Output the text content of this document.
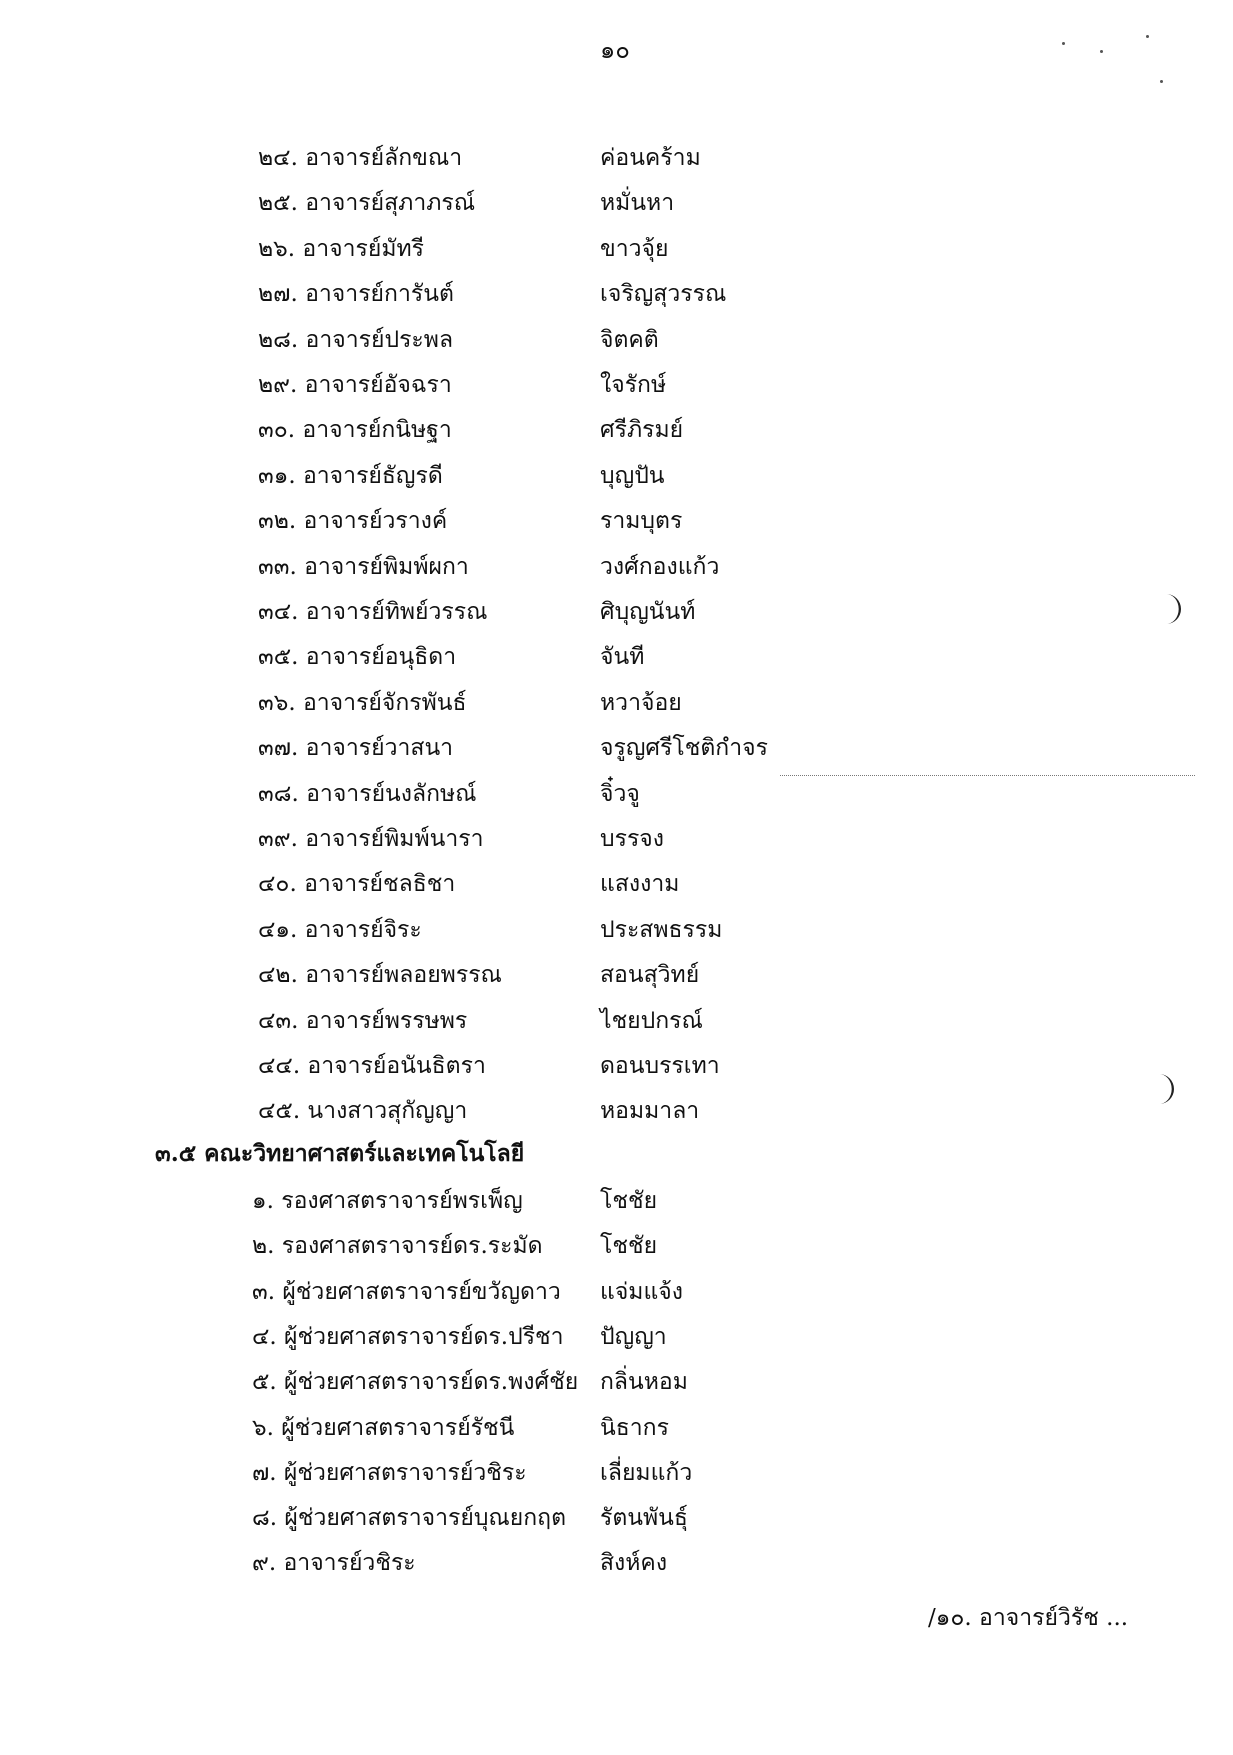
๑๐
๒๔. อาจารย์ลักขณา	ค่อนคร้าม
๒๕. อาจารย์สุภาภรณ์	หมั่นหา
๒๖. อาจารย์มัทรี	ขาวจุ้ย
๒๗. อาจารย์การันต์	เจริญสุวรรณ
๒๘. อาจารย์ประพล	จิตคติ
๒๙. อาจารย์อัจฉรา	ใจรักษ์
๓๐. อาจารย์กนิษฐา	ศรีภิรมย์
๓๑. อาจารย์ธัญรดี	บุญปัน
๓๒. อาจารย์วรางค์	รามบุตร
๓๓. อาจารย์พิมพ์ผกา	วงศ์กองแก้ว
๓๔. อาจารย์ทิพย์วรรณ	ศิบุญนันท์
๓๕. อาจารย์อนุธิดา	จันที
๓๖. อาจารย์จักรพันธ์	หวาจ้อย
๓๗. อาจารย์วาสนา	จรูญศรีโชติกำจร
๓๘. อาจารย์นงลักษณ์	จิ๋วจู
๓๙. อาจารย์พิมพ์นารา	บรรจง
๔๐. อาจารย์ชลธิชา	แสงงาม
๔๑. อาจารย์จิระ	ประสพธรรม
๔๒. อาจารย์พลอยพรรณ	สอนสุวิทย์
๔๓. อาจารย์พรรษพร	ไชยปกรณ์
๔๔. อาจารย์อนันธิตรา	ดอนบรรเทา
๔๕. นางสาวสุกัญญา	หอมมาลา
๓.๕ คณะวิทยาศาสตร์และเทคโนโลยี
๑. รองศาสตราจารย์พรเพ็ญ	โชชัย
๒. รองศาสตราจารย์ดร.ระมัด โชชัย
๓. ผู้ช่วยศาสตราจารย์ขวัญดาว แจ่มแจ้ง
๔. ผู้ช่วยศาสตราจารย์ดร.ปรีชา ปัญญา
๕. ผู้ช่วยศาสตราจารย์ดร.พงศ์ชัย กลิ่นหอม
๖. ผู้ช่วยศาสตราจารย์รัชนี	นิธากร
๗. ผู้ช่วยศาสตราจารย์วชิระ	เลี่ยมแก้ว
๘. ผู้ช่วยศาสตราจารย์บุณยกฤต รัตนพันธุ์
๙. อาจารย์วชิระ	สิงห์คง
/๑๐. อาจารย์วิรัช ...
